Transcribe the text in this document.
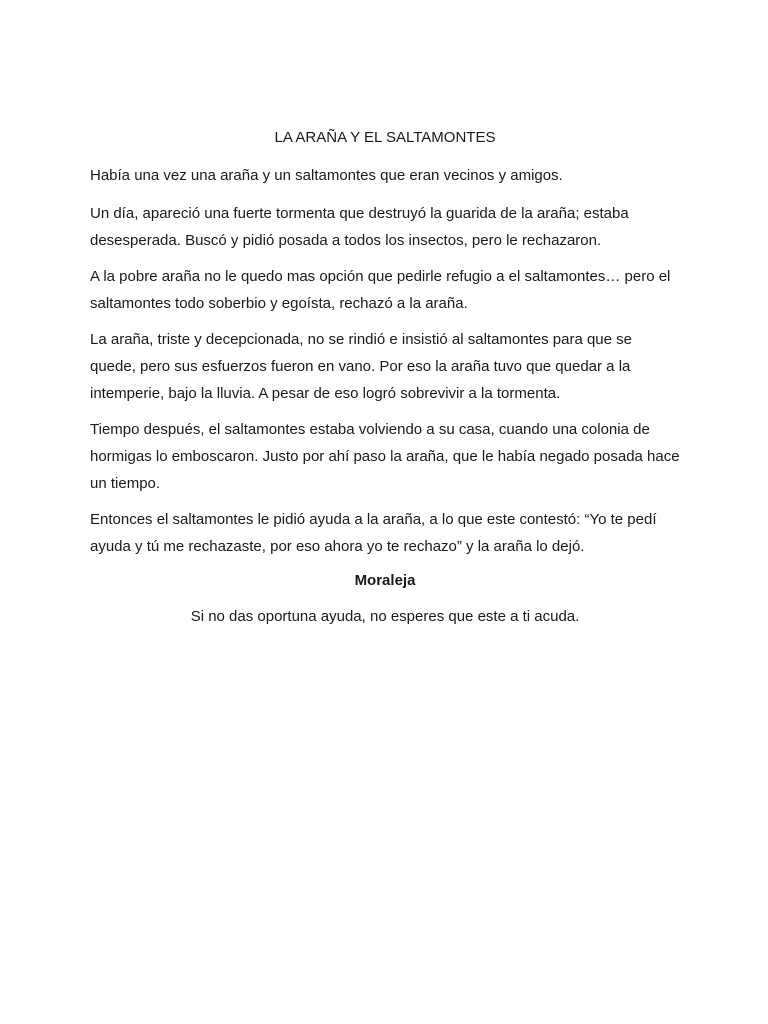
LA ARAÑA Y EL SALTAMONTES

Había una vez una araña y un saltamontes que eran vecinos y amigos.

Un día, apareció una fuerte tormenta que destruyó la guarida de la araña; estaba desesperada. Buscó y pidió posada a todos los insectos, pero le rechazaron.

A la pobre araña no le quedo mas opción que pedirle refugio a el saltamontes… pero el saltamontes todo soberbio y egoísta, rechazó a la araña.

La araña, triste y decepcionada, no se rindió e insistió al saltamontes para que se quede, pero sus esfuerzos fueron en vano. Por eso la araña tuvo que quedar a la intemperie, bajo la lluvia. A pesar de eso logró sobrevivir a la tormenta.

Tiempo después, el saltamontes estaba volviendo a su casa, cuando una colonia de hormigas lo emboscaron. Justo por ahí paso la araña, que le había negado posada hace un tiempo.

Entonces el saltamontes le pidió ayuda a la araña, a lo que este contestó: “Yo te pedí ayuda y tú me rechazaste, por eso ahora yo te rechazo” y la araña lo dejó.

Moraleja

Si no das oportuna ayuda, no esperes que este a ti acuda.
